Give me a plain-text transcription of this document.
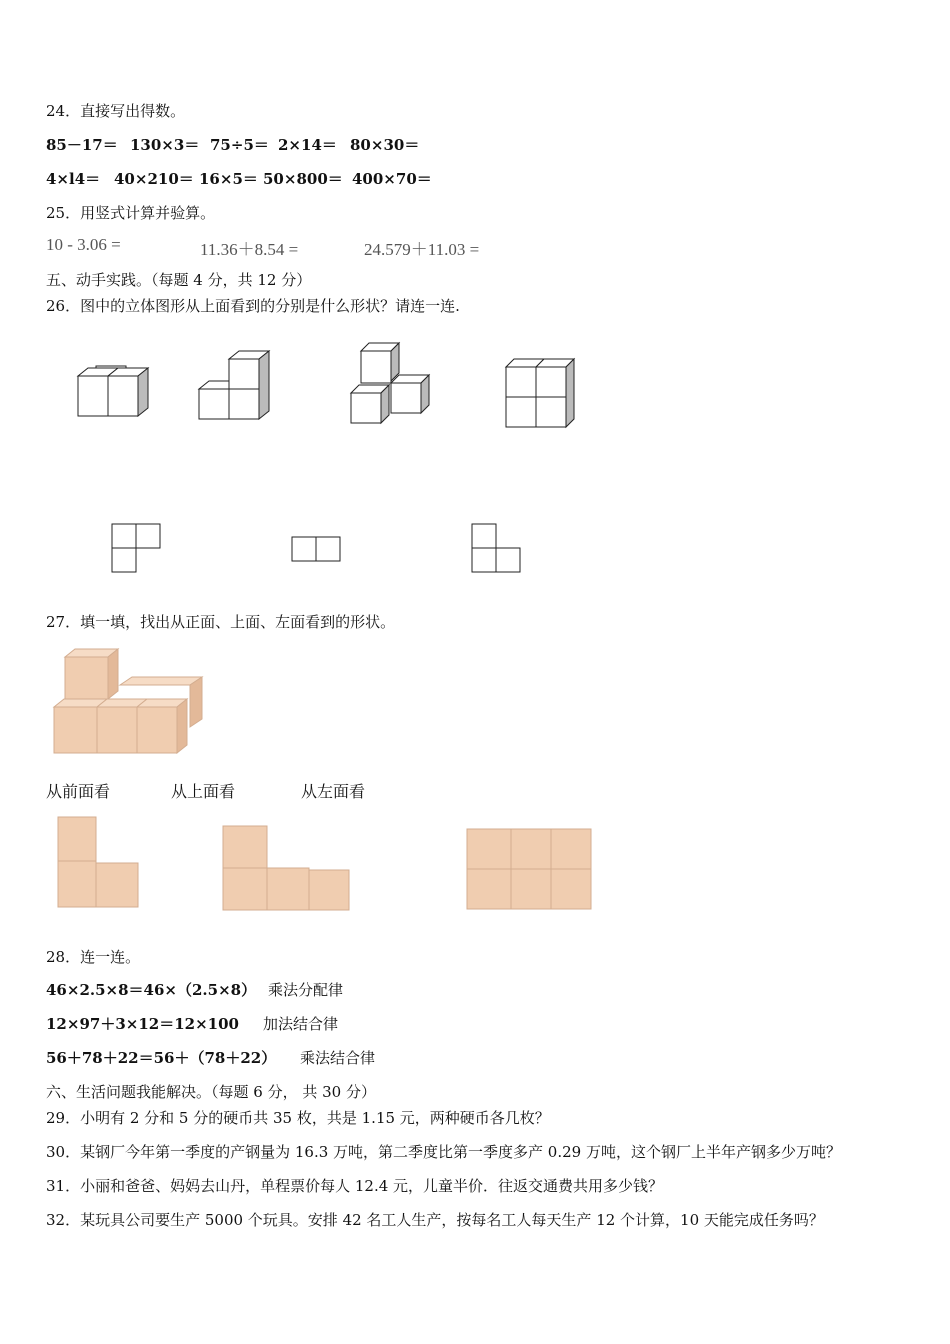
24．直接写出得数。
85－17＝ 130×3＝ 75÷5＝ 2×14＝ 80×30＝
4×l4＝ 40×210＝ 16×5＝ 50×800＝ 400×70＝
25．用竖式计算并验算。
10 - 3.06 =	11.36＋8.54 =	24.579＋11.03 =
五、动手实践。（每题 4 分，共 12 分）
26．图中的立体图形从上面看到的分别是什么形状？请连一连.
27．填一填，找出从正面、上面、左面看到的形状。
从前面看	从上面看	从左面看
28．连一连。
46×2.5×8＝46×（2.5×8） 乘法分配律
12×97＋3×12＝12×100 加法结合律
56＋78＋22＝56＋（78＋22） 乘法结合律
六、生活问题我能解决。（每题 6 分， 共 30 分）
29．小明有 2 分和 5 分的硬币共 35 枚，共是 1.15 元，两种硬币各几枚？
30．某钢厂今年第一季度的产钢量为 16.3 万吨，第二季度比第一季度多产 0.29 万吨，这个钢厂上半年产钢多少万吨？
31．小丽和爸爸、妈妈去山丹，单程票价每人 12.4 元，儿童半价．往返交通费共用多少钱？
32．某玩具公司要生产 5000 个玩具。安排 42 名工人生产，按每名工人每天生产 12 个计算，10 天能完成任务吗？
